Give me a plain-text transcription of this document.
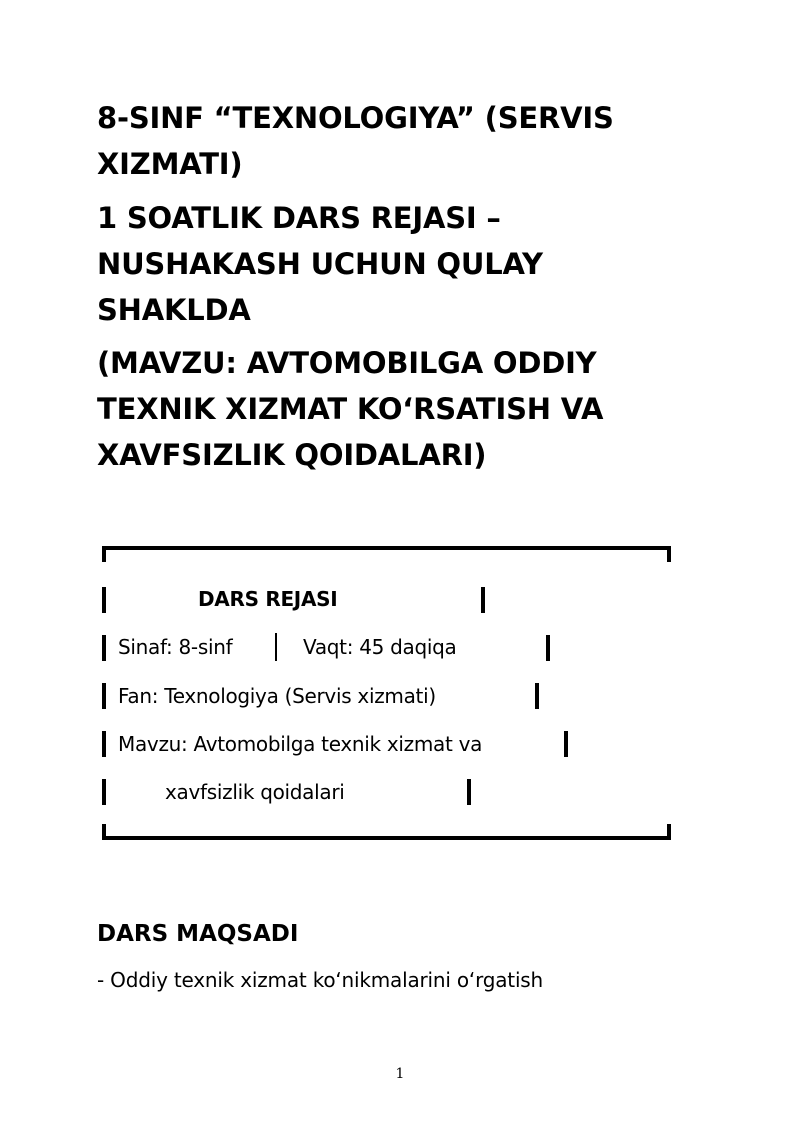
8-SINF “TEXNOLOGIYA” (SERVIS XIZMATI)
1 SOATLIK DARS REJASI – NUSHAKASH UCHUN QULAY SHAKLDA
(MAVZU: AVTOMOBILGA ODDIY TEXNIK XIZMAT KO‘RSATISH VA XAVFSIZLIK QOIDALARI)
DARS REJASI
Sinaf: 8-sinf	Vaqt: 45 daqiqa
Fan: Texnologiya (Servis xizmati)
Mavzu: Avtomobilga texnik xizmat va
xavfsizlik qoidalari
DARS MAQSADI
- Oddiy texnik xizmat ko‘nikmalarini o‘rgatish
1
